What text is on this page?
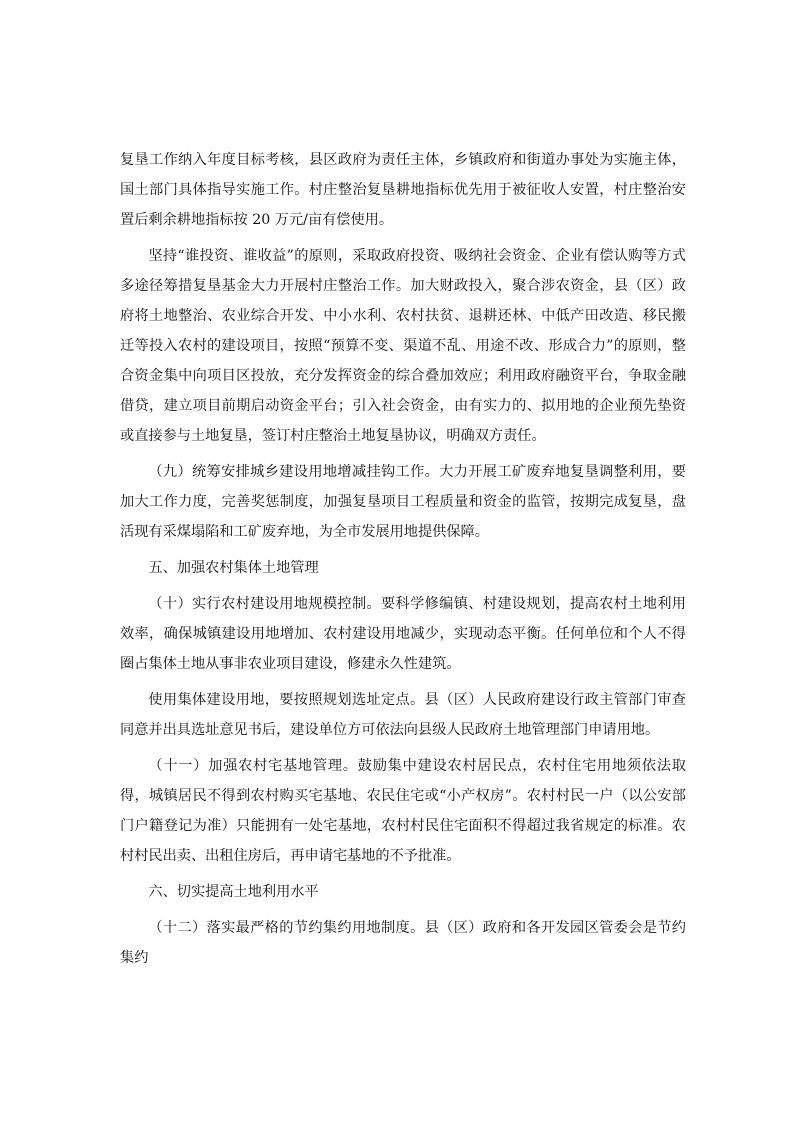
复垦工作纳入年度目标考核，县区政府为责任主体，乡镇政府和街道办事处为实施主体，国土部门具体指导实施工作。村庄整治复垦耕地指标优先用于被征收人安置，村庄整治安置后剩余耕地指标按 20 万元/亩有偿使用。

坚持“谁投资、谁收益”的原则，采取政府投资、吸纳社会资金、企业有偿认购等方式多途径筹措复垦基金大力开展村庄整治工作。加大财政投入，聚合涉农资金，县（区）政府将土地整治、农业综合开发、中小水利、农村扶贫、退耕还林、中低产田改造、移民搬迁等投入农村的建设项目，按照“预算不变、渠道不乱、用途不改、形成合力”的原则，整合资金集中向项目区投放，充分发挥资金的综合叠加效应；利用政府融资平台，争取金融借贷，建立项目前期启动资金平台；引入社会资金，由有实力的、拟用地的企业预先垫资或直接参与土地复垦，签订村庄整治土地复垦协议，明确双方责任。

（九）统筹安排城乡建设用地增减挂钩工作。大力开展工矿废弃地复垦调整利用，要加大工作力度，完善奖惩制度，加强复垦项目工程质量和资金的监管，按期完成复垦，盘活现有采煤塌陷和工矿废弃地，为全市发展用地提供保障。

五、加强农村集体土地管理

（十）实行农村建设用地规模控制。要科学修编镇、村建设规划，提高农村土地利用效率，确保城镇建设用地增加、农村建设用地减少，实现动态平衡。任何单位和个人不得圈占集体土地从事非农业项目建设，修建永久性建筑。

使用集体建设用地，要按照规划选址定点。县（区）人民政府建设行政主管部门审查同意并出具选址意见书后，建设单位方可依法向县级人民政府土地管理部门申请用地。

（十一）加强农村宅基地管理。鼓励集中建设农村居民点，农村住宅用地须依法取得，城镇居民不得到农村购买宅基地、农民住宅或“小产权房”。农村村民一户（以公安部门户籍登记为准）只能拥有一处宅基地，农村村民住宅面积不得超过我省规定的标准。农村村民出卖、出租住房后，再申请宅基地的不予批准。

六、切实提高土地利用水平

（十二）落实最严格的节约集约用地制度。县（区）政府和各开发园区管委会是节约集约
